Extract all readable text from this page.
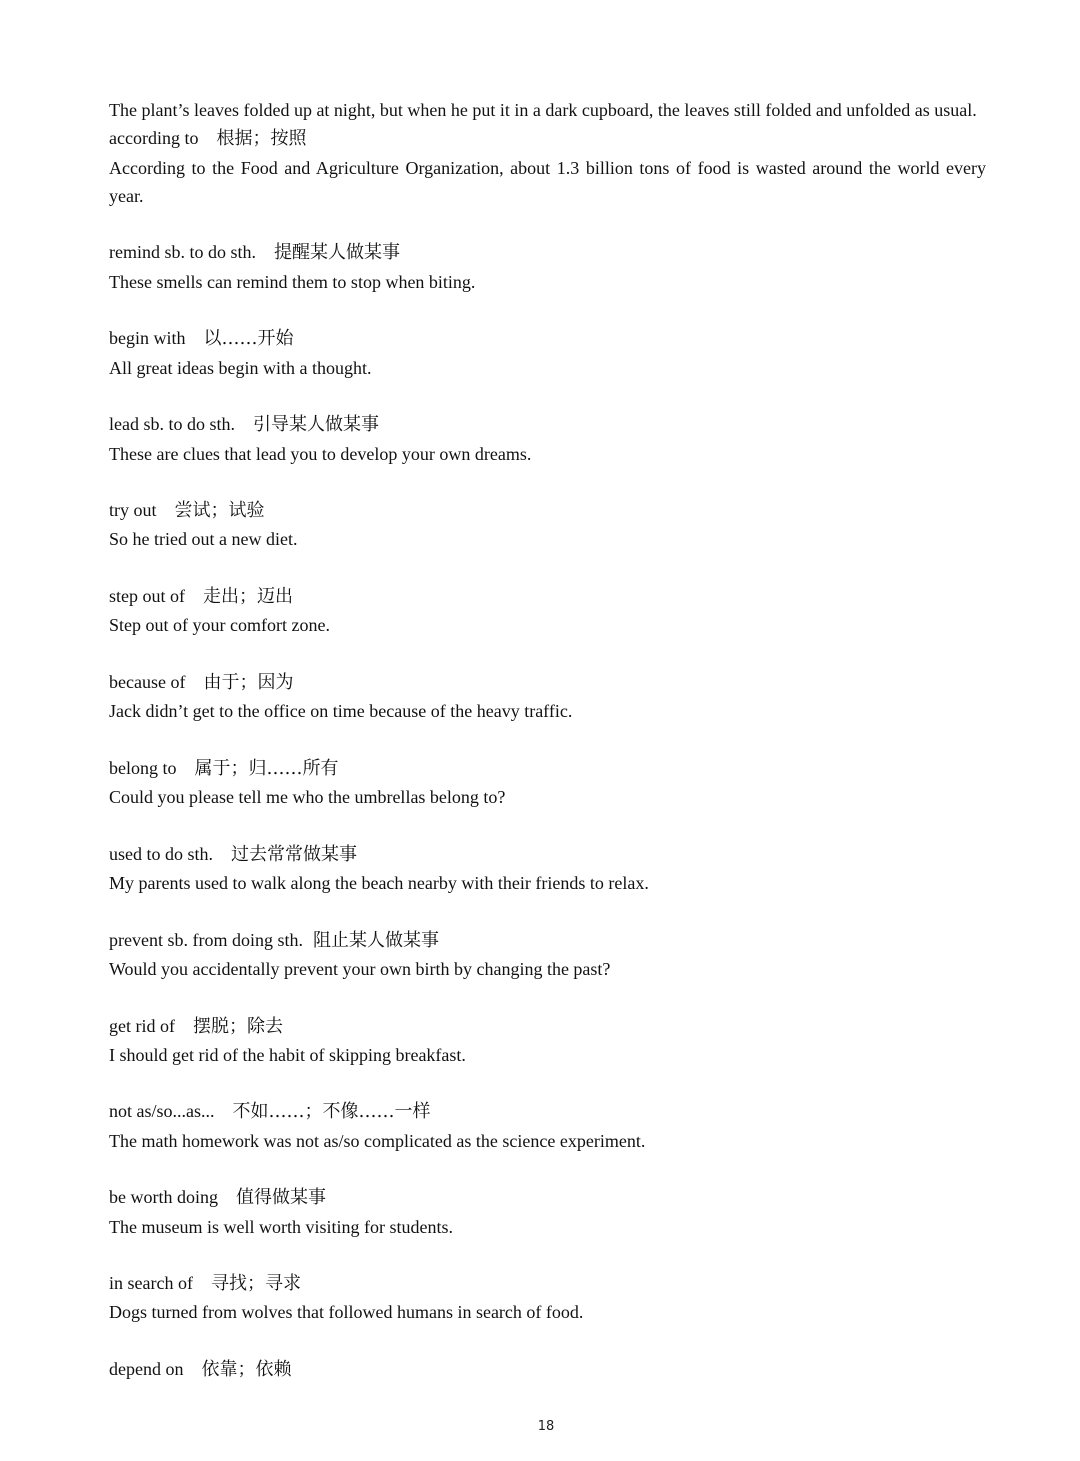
The plant’s leaves folded up at night, but when he put it in a dark cupboard, the leaves still folded and unfolded as usual.

according to 根据；按照

According to the Food and Agriculture Organization, about 1.3 billion tons of food is wasted around the world every year.

remind sb. to do sth. 提醒某人做某事

These smells can remind them to stop when biting.

begin with 以……开始

All great ideas begin with a thought.

lead sb. to do sth. 引导某人做某事

These are clues that lead you to develop your own dreams.

try out 尝试；试验

So he tried out a new diet.

step out of 走出；迈出

Step out of your comfort zone.

because of 由于；因为

Jack didn’t get to the office on time because of the heavy traffic.

belong to 属于；归……所有

Could you please tell me who the umbrellas belong to?

used to do sth. 过去常常做某事

My parents used to walk along the beach nearby with their friends to relax.

prevent sb. from doing sth. 阻止某人做某事

Would you accidentally prevent your own birth by changing the past?

get rid of 摆脱；除去

I should get rid of the habit of skipping breakfast.

not as/so...as... 不如……；不像……一样

The math homework was not as/so complicated as the science experiment.

be worth doing 值得做某事

The museum is well worth visiting for students.

in search of 寻找；寻求

Dogs turned from wolves that followed humans in search of food.

depend on 依靠；依赖

18
